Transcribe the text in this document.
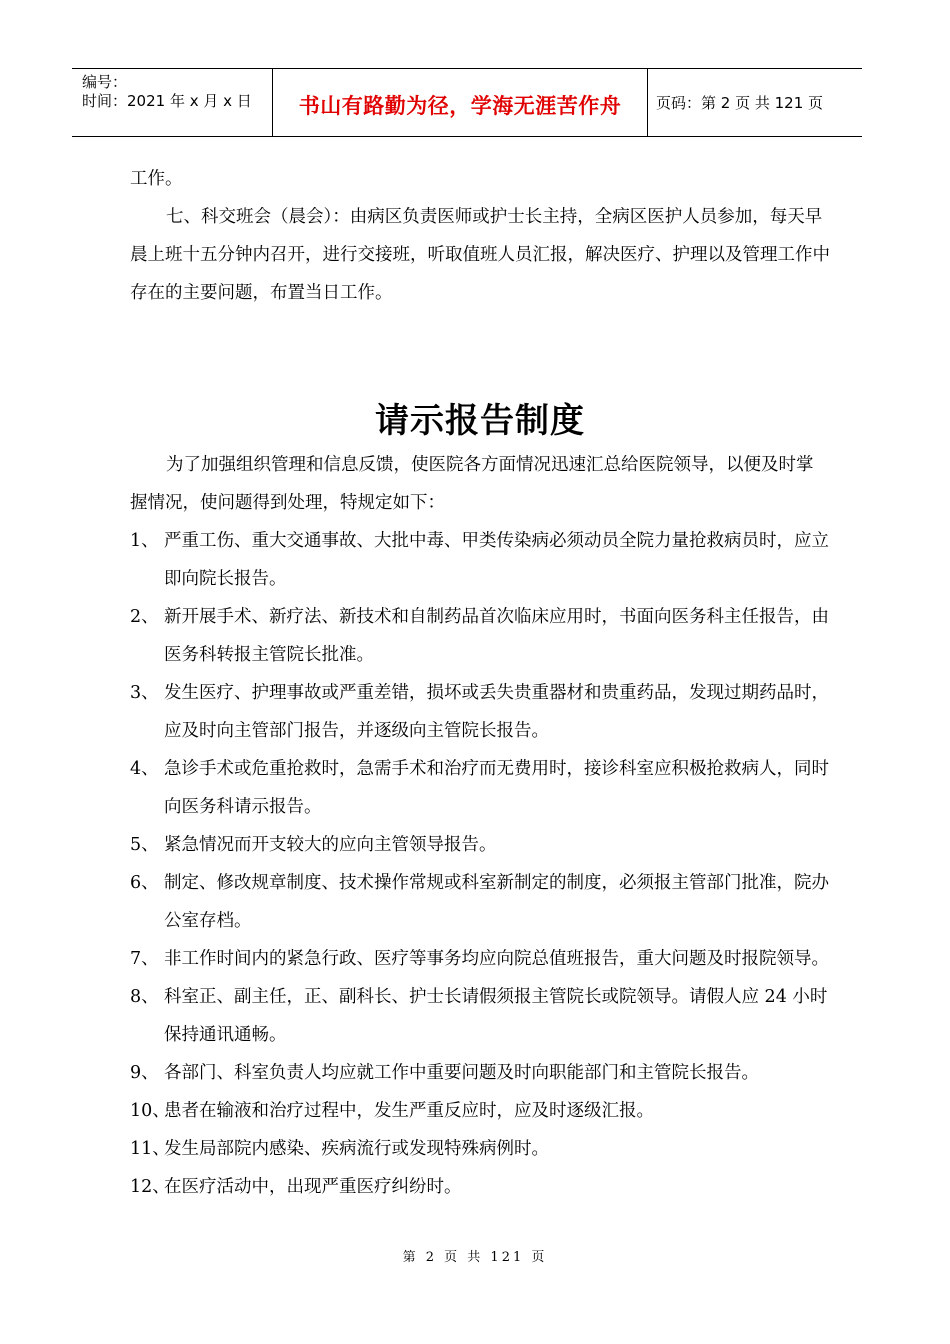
编号：
时间：2021 年 x 月 x 日	书山有路勤为径，学海无涯苦作舟	页码：第 2 页 共 121 页

工作。

七、科交班会（晨会）：由病区负责医师或护士长主持，全病区医护人员参加，每天早晨上班十五分钟内召开，进行交接班，听取值班人员汇报，解决医疗、护理以及管理工作中存在的主要问题，布置当日工作。

请示报告制度

为了加强组织管理和信息反馈，使医院各方面情况迅速汇总给医院领导，以便及时掌握情况，使问题得到处理，特规定如下：

1、 严重工伤、重大交通事故、大批中毒、甲类传染病必须动员全院力量抢救病员时，应立即向院长报告。
2、 新开展手术、新疗法、新技术和自制药品首次临床应用时，书面向医务科主任报告，由医务科转报主管院长批准。
3、 发生医疗、护理事故或严重差错，损坏或丢失贵重器材和贵重药品，发现过期药品时，应及时向主管部门报告，并逐级向主管院长报告。
4、 急诊手术或危重抢救时，急需手术和治疗而无费用时，接诊科室应积极抢救病人，同时向医务科请示报告。
5、 紧急情况而开支较大的应向主管领导报告。
6、 制定、修改规章制度、技术操作常规或科室新制定的制度，必须报主管部门批准，院办公室存档。
7、 非工作时间内的紧急行政、医疗等事务均应向院总值班报告，重大问题及时报院领导。
8、 科室正、副主任，正、副科长、护士长请假须报主管院长或院领导。请假人应 24 小时保持通讯通畅。
9、 各部门、科室负责人均应就工作中重要问题及时向职能部门和主管院长报告。
10、
患者在输液和治疗过程中，发生严重反应时，应及时逐级汇报。
11、
发生局部院内感染、疾病流行或发现特殊病例时。
12、
在医疗活动中，出现严重医疗纠纷时。
第 2 页 共 121 页
